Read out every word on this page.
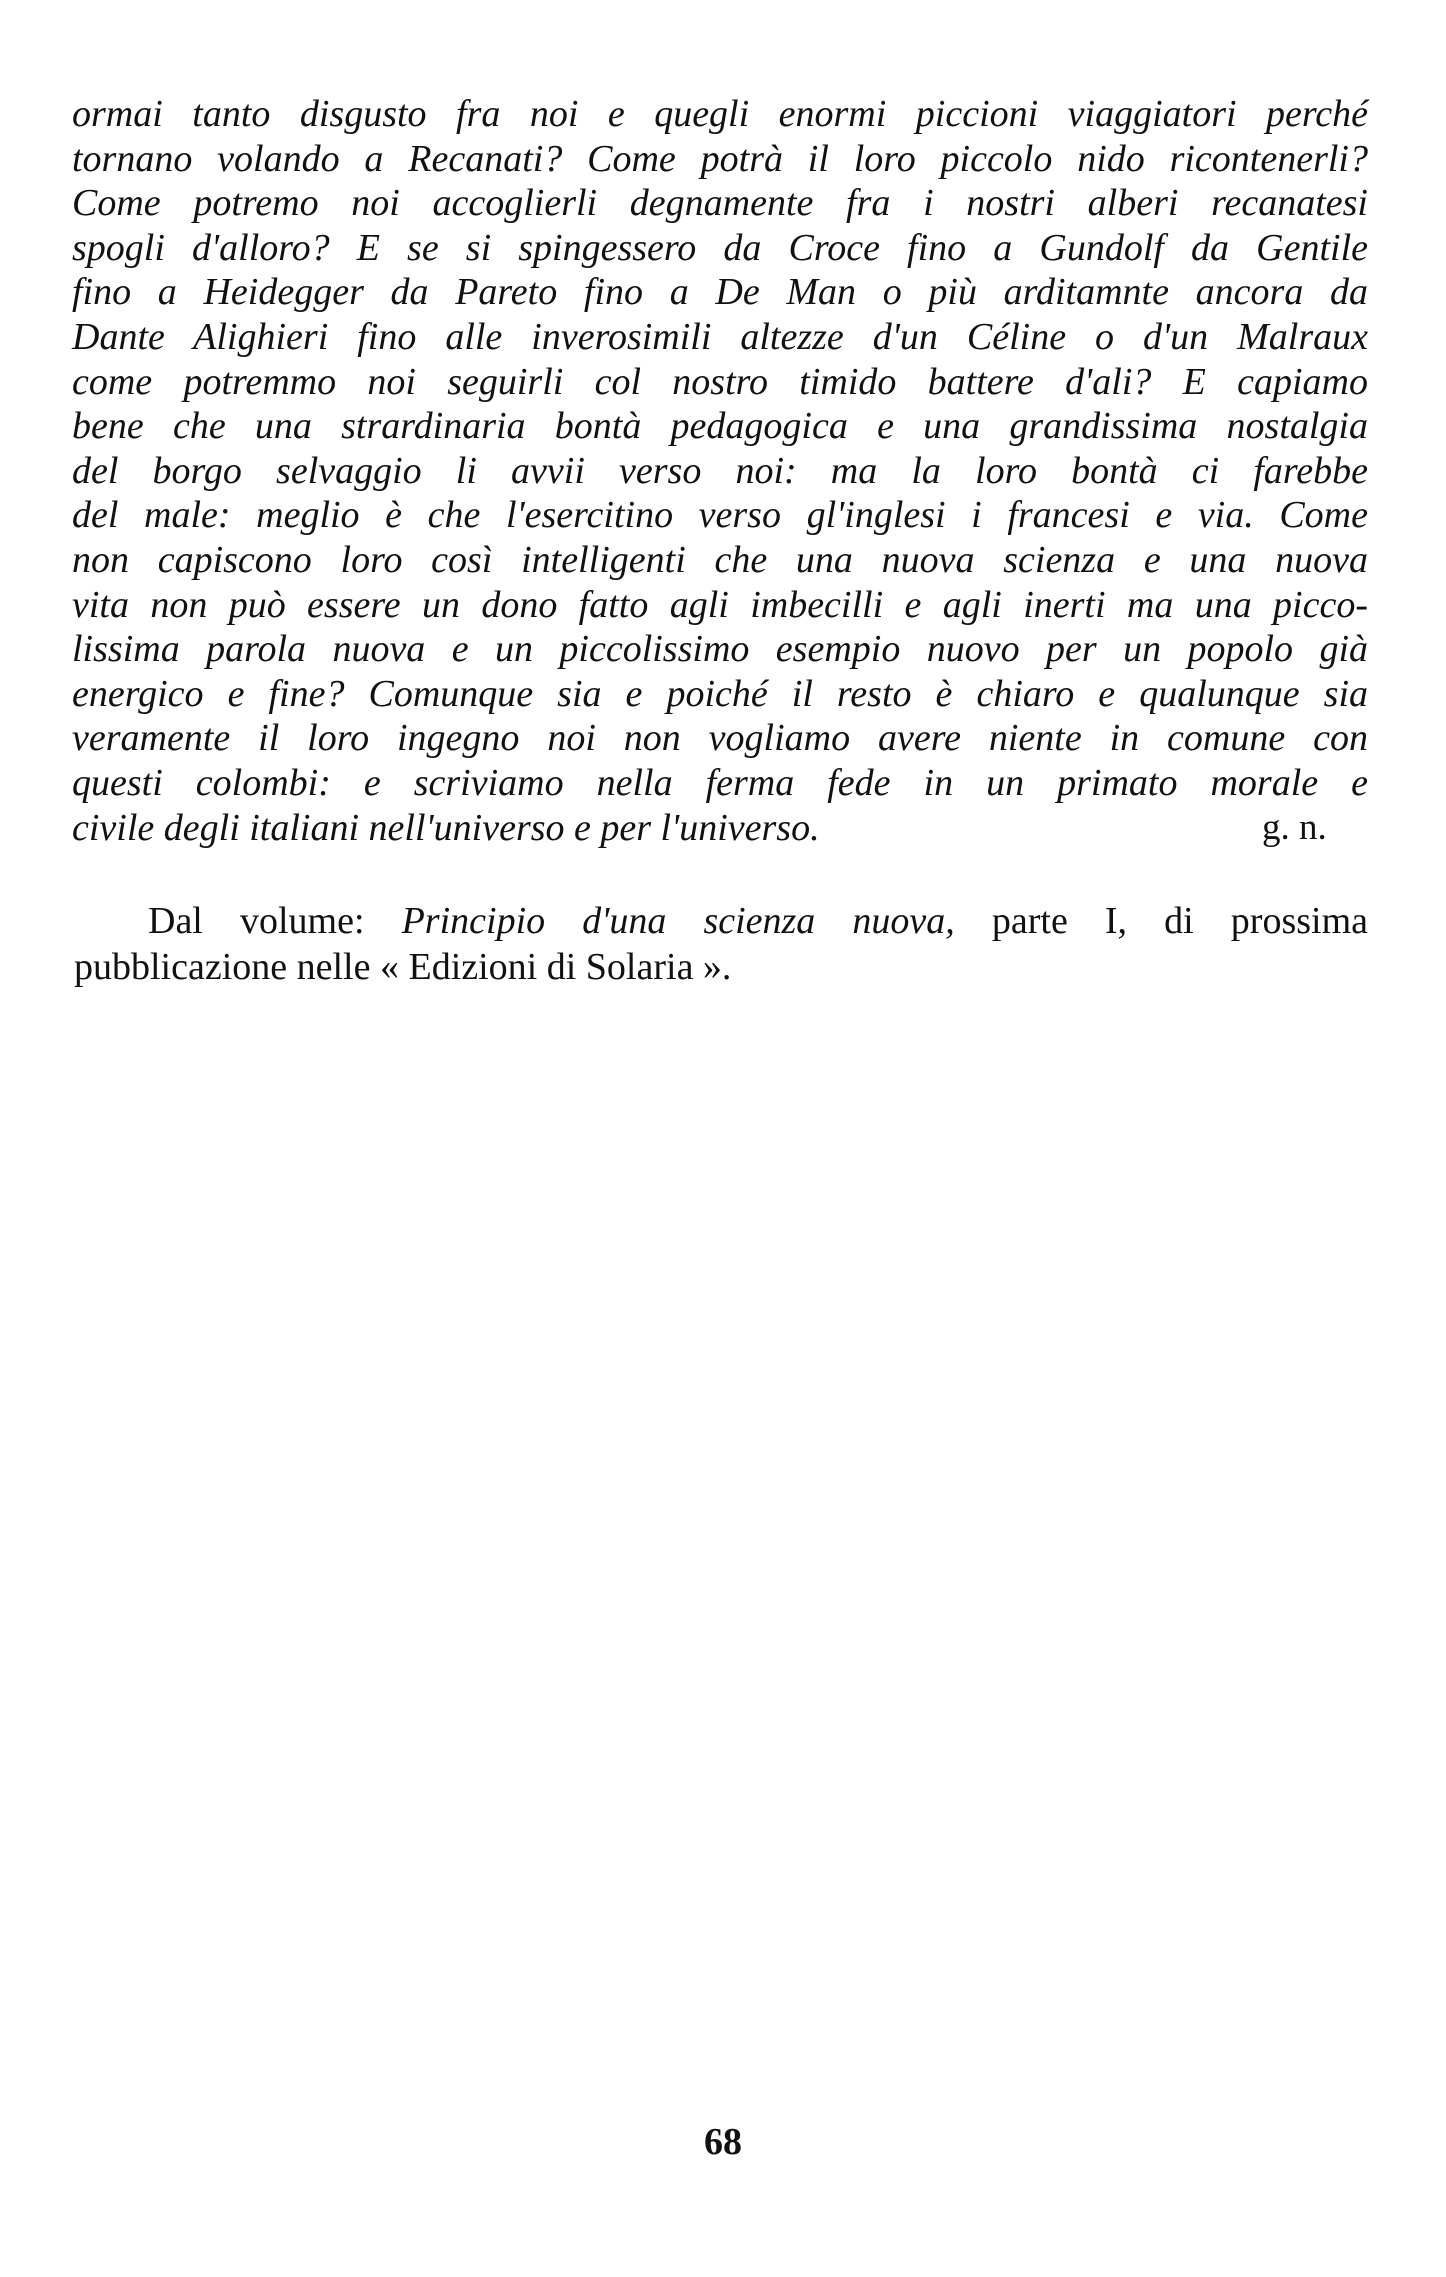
ormai tanto disgusto fra noi e quegli enormi piccioni viaggiatori perché
tornano volando a Recanati? Come potrà il loro piccolo nido ricontenerli?
Come potremo noi accoglierli degnamente fra i nostri alberi recanatesi
spogli d'alloro? E se si spingessero da Croce fino a Gundolf da Gentile
fino a Heidegger da Pareto fino a De Man o più arditamnte ancora da
Dante Alighieri fino alle inverosimili altezze d'un Céline o d'un Malraux
come potremmo noi seguirli col nostro timido battere d'ali? E capiamo
bene che una strardinaria bontà pedagogica e una grandissima nostalgia
del borgo selvaggio li avvii verso noi: ma la loro bontà ci farebbe
del male: meglio è che l'esercitino verso gl'inglesi i francesi e via. Come
non capiscono loro così intelligenti che una nuova scienza e una nuova
vita non può essere un dono fatto agli imbecilli e agli inerti ma una picco-
lissima parola nuova e un piccolissimo esempio nuovo per un popolo già
energico e fine? Comunque sia e poiché il resto è chiaro e qualunque sia
veramente il loro ingegno noi non vogliamo avere niente in comune con
questi colombi: e scriviamo nella ferma fede in un primato morale e
civile degli italiani nell'universo e per l'universo.	g. n.
Dal volume: Principio d'una scienza nuova, parte I, di prossima
pubblicazione nelle « Edizioni di Solaria ».
68
